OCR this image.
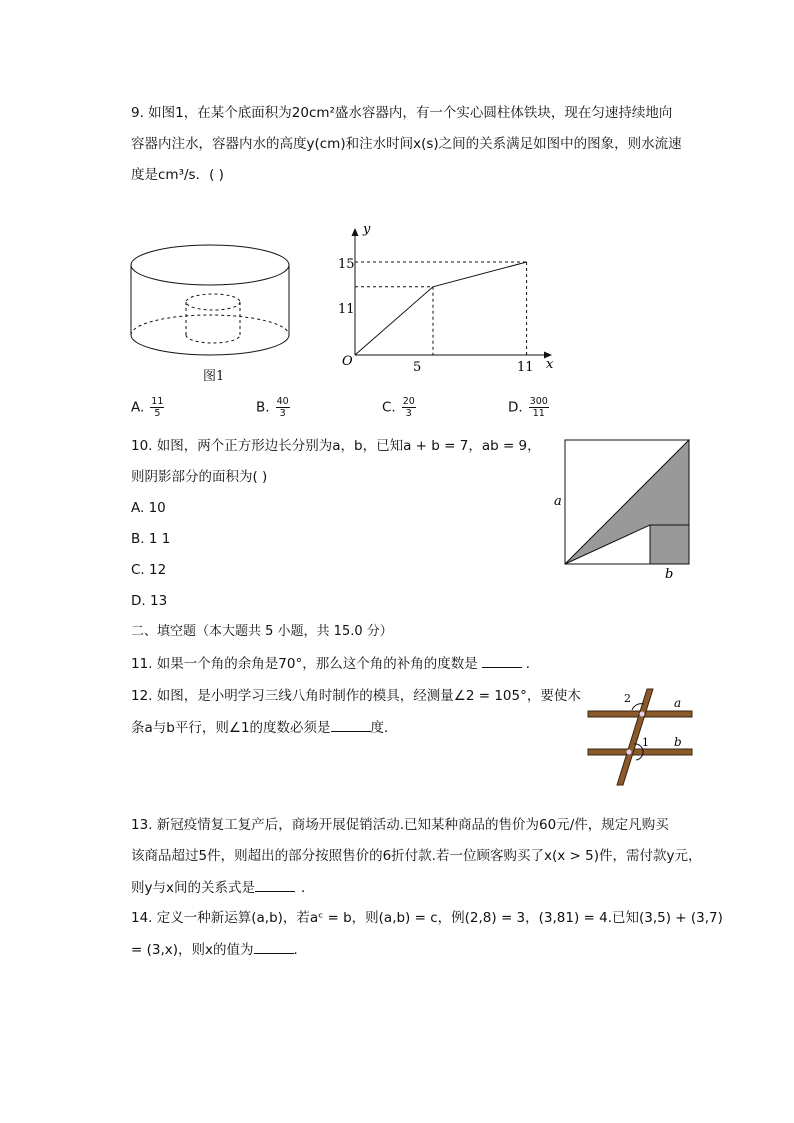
9. 如图1，在某个底面积为20cm²盛水容器内，有一个实心圆柱体铁块，现在匀速持续地向
容器内注水，容器内水的高度y(cm)和注水时间x(s)之间的关系满足如图中的图象，则水流速
度是cm³/s．( )
图1
y
x
O
15
11
5	11
A. $\frac{11}{5}$	B. $\frac{40}{3}$	C. $\frac{20}{3}$	D. $\frac{300}{11}$
10. 如图，两个正方形边长分别为a，b，已知a + b = 7，ab = 9，
则阴影部分的面积为( )
A. 10
B. 1 1
C. 12
D. 13
a
b
二、填空题（本大题共 5 小题，共 15.0 分）
11. 如果一个角的余角是70°，那么这个角的补角的度数是	．
12. 如图，是小明学习三线八角时制作的模具，经测量∠2 = 105°，要使木
条a与b平行，则∠1的度数必须是	度．
2
1
a
b
13. 新冠疫情复工复产后，商场开展促销活动.已知某种商品的售价为60元/件，规定凡购买
该商品超过5件，则超出的部分按照售价的6折付款.若一位顾客购买了x(x > 5)件，需付款y元，
则y与x间的关系式是	．
14. 定义一种新运算(a,b)，若aᶜ = b，则(a,b) = c，例(2,8) = 3，(3,81) = 4.已知(3,5) + (3,7)
= (3,x)，则x的值为	．
